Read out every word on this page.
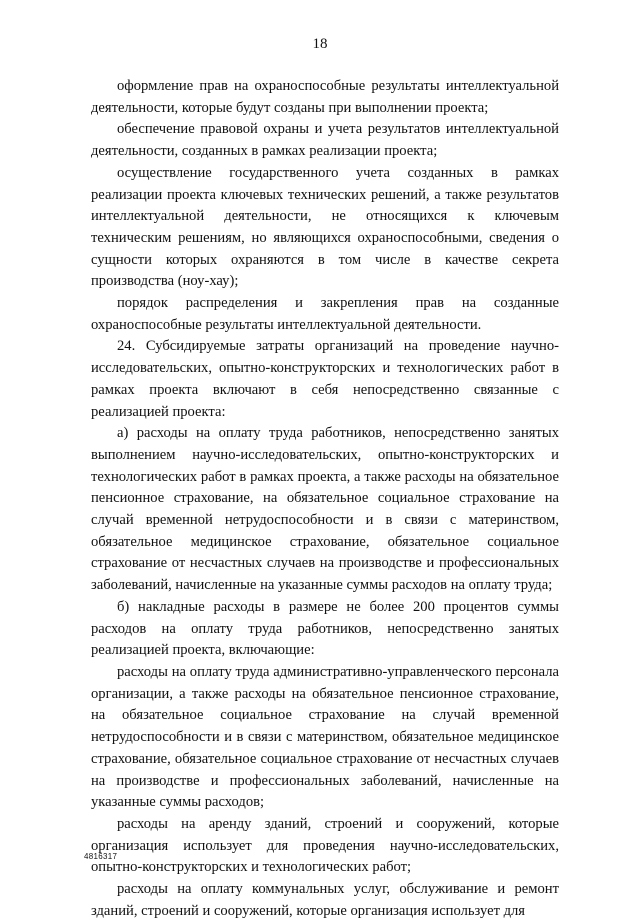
18

оформление прав на охраноспособные результаты интеллектуальной деятельности, которые будут созданы при выполнении проекта;

обеспечение правовой охраны и учета результатов интеллектуальной деятельности, созданных в рамках реализации проекта;

осуществление государственного учета созданных в рамках реализации проекта ключевых технических решений, а также результатов интеллектуальной деятельности, не относящихся к ключевым техническим решениям, но являющихся охраноспособными, сведения о сущности которых охраняются в том числе в качестве секрета производства (ноу-хау);

порядок распределения и закрепления прав на созданные охраноспособные результаты интеллектуальной деятельности.

24. Субсидируемые затраты организаций на проведение научно-исследовательских, опытно-конструкторских и технологических работ в рамках проекта включают в себя непосредственно связанные с реализацией проекта:

а) расходы на оплату труда работников, непосредственно занятых выполнением научно-исследовательских, опытно-конструкторских и технологических работ в рамках проекта, а также расходы на обязательное пенсионное страхование, на обязательное социальное страхование на случай временной нетрудоспособности и в связи с материнством, обязательное медицинское страхование, обязательное социальное страхование от несчастных случаев на производстве и профессиональных заболеваний, начисленные на указанные суммы расходов на оплату труда;

б) накладные расходы в размере не более 200 процентов суммы расходов на оплату труда работников, непосредственно занятых реализацией проекта, включающие:

расходы на оплату труда административно-управленческого персонала организации, а также расходы на обязательное пенсионное страхование, на обязательное социальное страхование на случай временной нетрудоспособности и в связи с материнством, обязательное медицинское страхование, обязательное социальное страхование от несчастных случаев на производстве и профессиональных заболеваний, начисленные на указанные суммы расходов;

расходы на аренду зданий, строений и сооружений, которые организация использует для проведения научно-исследовательских, опытно-конструкторских и технологических работ;

расходы на оплату коммунальных услуг, обслуживание и ремонт зданий, строений и сооружений, которые организация использует для

4816317
